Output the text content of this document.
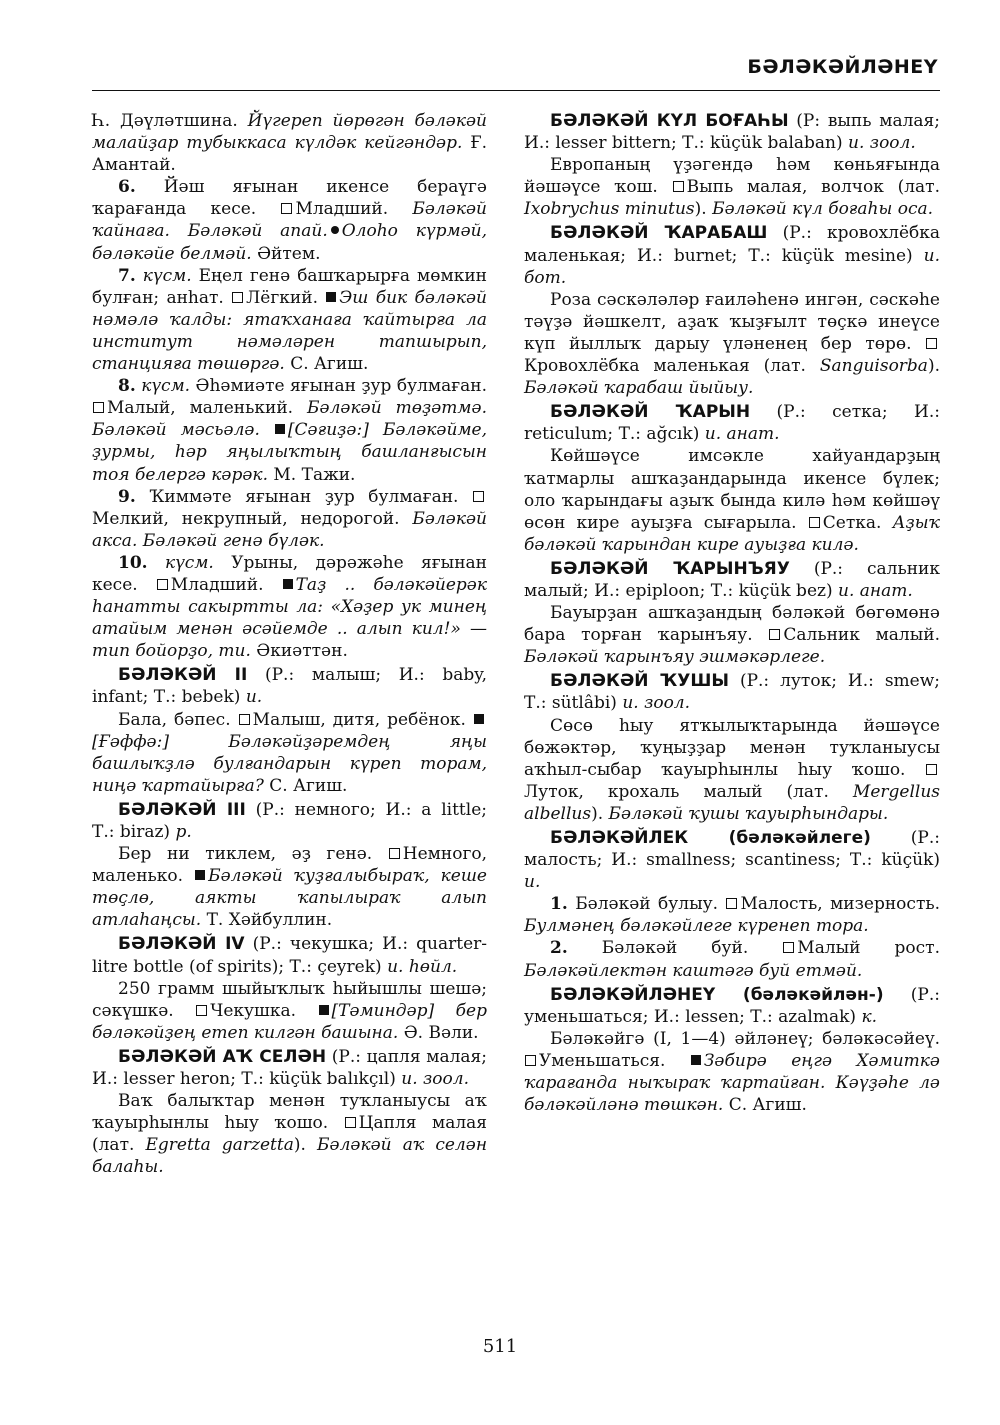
БӘЛӘКӘЙЛӘНЕҮ

Һ. Дәүләтшина. Йүгереп йөрөгән бәләкәй малайҙар тубыккаса күлдәк кейгәндәр. Ғ. Амантай.

6. Йәш яғынан икенсе бераүгә ҡарағанда кесе. Младший. Бәләкәй ҡайнаға. Бәләкәй апай. Олоһо күрмәй, бәләкәйе белмәй. Әйтем.

7. күсм. Еңел генә башҡарырға мөмкин булған; анһат. Лёгкий. Эш бик бәләкәй нәмәлә ҡалды: ятаҡханаға ҡайтырға ла институт нәмәләрен тапшырып, станцияға төшөргә. С. Агиш.

8. күсм. Әһәмиәте яғынан ҙур булмаған. Малый, маленький. Бәләкәй төҙәтмә. Бәләкәй мәсьәлә. [Сәғиҙә:] Бәләкәйме, ҙурмы, һәр яңылыҡтың башланғысын тоя белергә кәрәк. М. Тажи.

9. Ҡиммәте яғынан ҙур булмаған. Мелкий, некрупный, недорогой. Бәләкәй акса. Бәләкәй генә бүләк.

10. күсм. Урыны, дәрәжәһе яғынан кесе. Младший. Таҙ .. бәләкәйерәк һанатты сакыртты ла: «Хәҙер ук минең атайым менән әсәйемде .. алып кил!» — тип бойорҙо, ти. Әкиәттән.

БӘЛӘКӘЙ II (Р.: малыш; И.: baby, infant; Т.: bebek) и.

Бала, бәпес. Малыш, дитя, ребёнок. [Ғәффә:] Бәләкәйҙәремдең яңы башлыҡҙлә булғандарын күреп торам, ниңә ҡартайырға? С. Агиш.

БӘЛӘКӘЙ III (Р.: немного; И.: a little; Т.: biraz) р.

Бер ни тиклем, әҙ генә. Немного, маленько. Бәләкәй ҡуҙғалыбыраҡ, кеше төҫлө, аякты ҡапылыраҡ алып атлаһаңсы. Т. Хәйбуллин.

БӘЛӘКӘЙ IV (Р.: чекушка; И.: quarter-litre bottle (of spirits); Т.: çeyrek) и. һөйл.

250 грамм шыйыҡлыҡ һыйышлы шешә; сәкүшкә. Чекушка. [Тәминдәр] бер бәләкәйҙең етеп килгән башына. Ә. Вәли.

БӘЛӘКӘЙ АҠ СЕЛӘН (Р.: цапля малая; И.: lesser heron; Т.: küçük balıkçıl) и. зоол.

Ваҡ балыҡтар менән туҡланыусы аҡ ҡауырһынлы һыу ҡошо. Цапля малая (лат. Egretta garzetta). Бәләкәй аҡ селән балаһы.

БӘЛӘКӘЙ КҮЛ БОҒАҺЫ (Р: выпь малая; И.: lesser bittern; Т.: küçük balaban) и. зоол.

Европаның үҙәгендә һәм көньяғында йәшәүсе ҡош. Выпь малая, волчок (лат. Ixobrychus minutus). Бәләкәй күл боғаһы оса.

БӘЛӘКӘЙ ҠАРАБАШ (Р.: кровохлёбка маленькая; И.: burnet; Т.: küçük mesine) и. бот.

Роза сәскәләләр ғаиләһенә ингән, сәскәһе тәүҙә йәшкелт, аҙаҡ ҡыҙғылт төҫкә инеүсе күп йыллыҡ дарыу үләненең бер төрө. Кровохлёбка маленькая (лат. Sanguisorba). Бәләкәй ҡарабаш йыйыу.

БӘЛӘКӘЙ ҠАРЫН (Р.: сетка; И.: reticulum; Т.: ağcık) и. анат.

Көйшәүсе имсәкле хайуандарҙың ҡатмарлы ашҡаҙандарында икенсе бүлек; оло ҡарындағы аҙыҡ бында килә һәм көйшәү өсөн кире ауыҙға сығарыла. Сетка. Аҙыҡ бәләкәй ҡарындан кире ауыҙға килә.

БӘЛӘКӘЙ ҠАРЫНЪЯУ (Р.: сальник малый; И.: epiploon; Т.: küçük bez) и. анат.

Бауырҙан ашҡаҙандың бәләкәй бөгөмөнә бара торған ҡарынъяу. Сальник малый. Бәләкәй ҡарынъяу эшмәкәрлеге.

БӘЛӘКӘЙ ҠУШЫ (Р.: луток; И.: smew; Т.: sütlâbi) и. зоол.

Сөсө һыу ятҡылыҡтарында йәшәүсе бөжәктәр, ҡуңыҙҙар менән туҡланыусы аҡһыл-сыбар ҡауырһынлы һыу ҡошо. Луток, крохаль малый (лат. Mergellus albellus). Бәләкәй ҡушы ҡауырһындары.

БӘЛӘКӘЙЛЕК (бәләкәйлеге) (Р.: малость; И.: smallness; scantiness; Т.: küçük) и.

1. Бәләкәй булыу. Малость, мизерность. Булмәнең бәләкәйлеге күренеп тора.

2. Бәләкәй буй. Малый рост. Бәләкәйлектән каштәгә буй етмәй.

БӘЛӘКӘЙЛӘНЕҮ (бәләкәйлән-) (Р.: уменьшаться; И.: lessen; Т.: azalmak) к.

Бәләкәйгә (I, 1—4) әйләнеү; бәләкәсәйеү. Уменьшаться. Зәбирә еңгә Хәмиткә ҡарағанда ныҡыраҡ ҡартайған. Кәүҙәһе лә бәләкәйләнә төшкән. С. Агиш.

511
